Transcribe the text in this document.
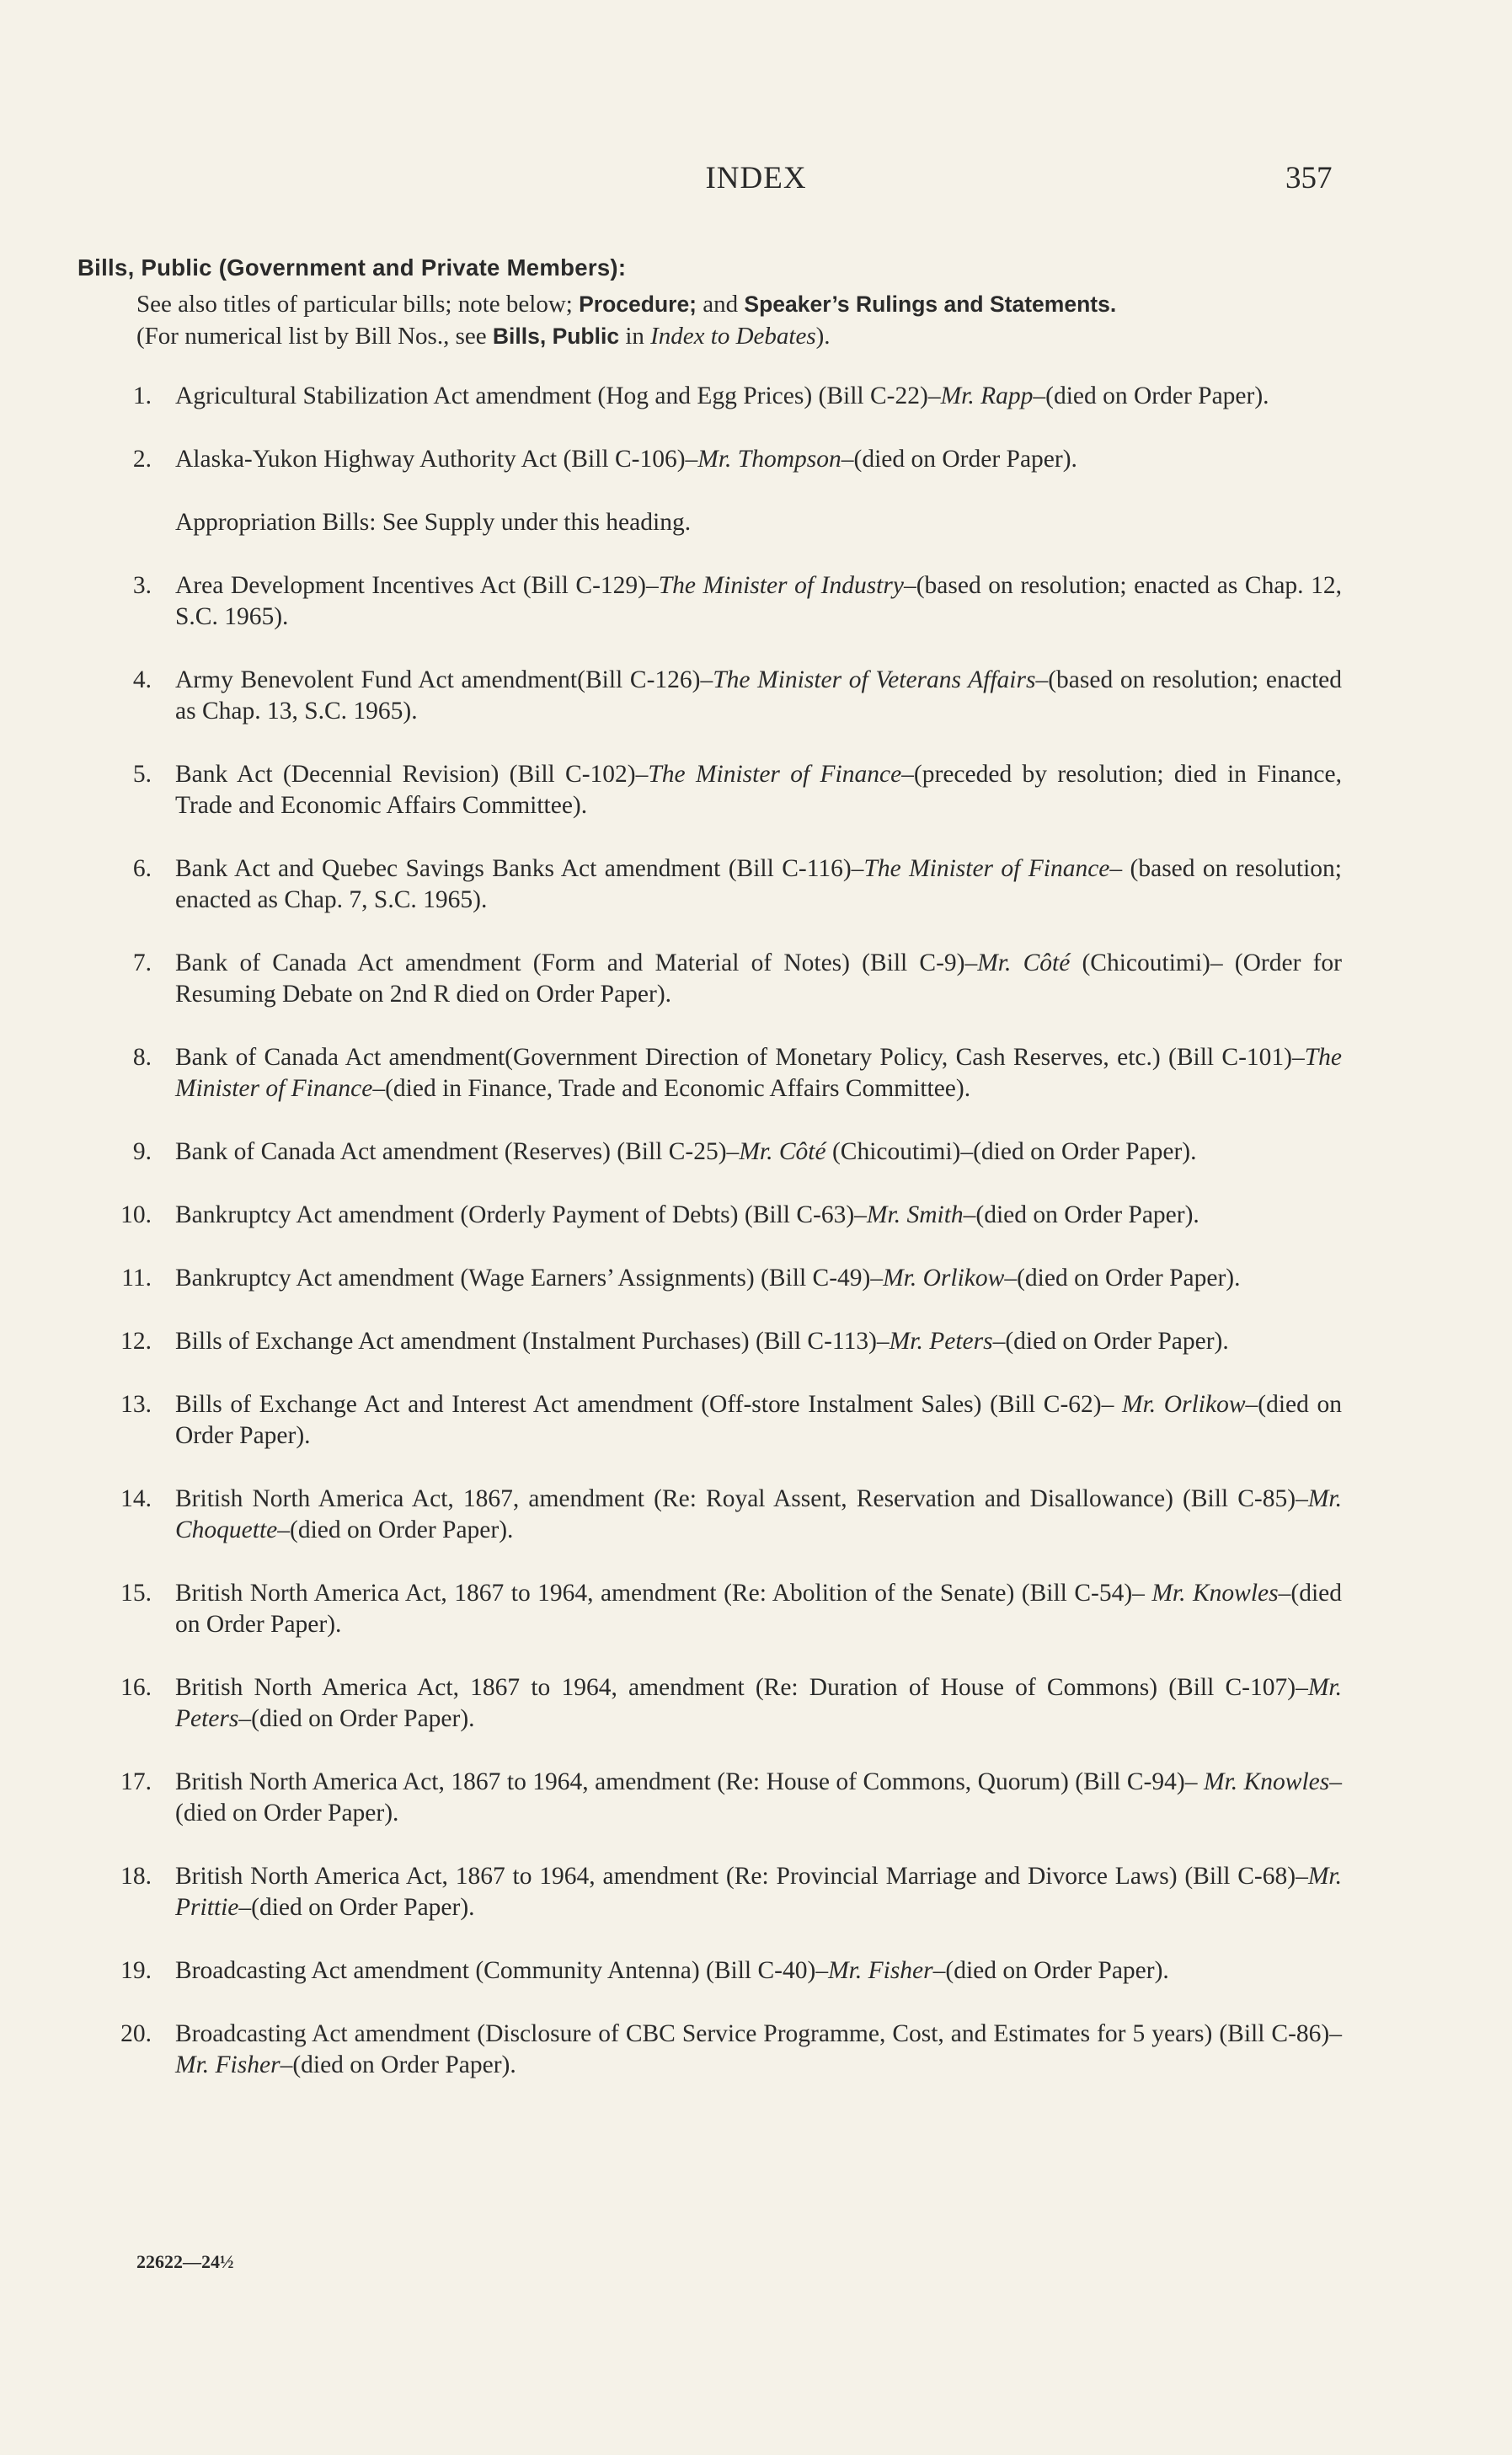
INDEX	357
Bills, Public (Government and Private Members):
See also titles of particular bills; note below; Procedure; and Speaker’s Rulings and Statements.
(For numerical list by Bill Nos., see Bills, Public in Index to Debates).
1. Agricultural Stabilization Act amendment (Hog and Egg Prices) (Bill C-22)–Mr. Rapp–(died on Order Paper).
2. Alaska-Yukon Highway Authority Act (Bill C-106)–Mr. Thompson–(died on Order Paper).
Appropriation Bills: See Supply under this heading.
3. Area Development Incentives Act (Bill C-129)–The Minister of Industry–(based on resolution; enacted as Chap. 12, S.C. 1965).
4. Army Benevolent Fund Act amendment(Bill C-126)–The Minister of Veterans Affairs–(based on resolution; enacted as Chap. 13, S.C. 1965).
5. Bank Act (Decennial Revision) (Bill C-102)–The Minister of Finance–(preceded by resolution; died in Finance, Trade and Economic Affairs Committee).
6. Bank Act and Quebec Savings Banks Act amendment (Bill C-116)–The Minister of Finance– (based on resolution; enacted as Chap. 7, S.C. 1965).
7. Bank of Canada Act amendment (Form and Material of Notes) (Bill C-9)–Mr. Côté (Chicoutimi)– (Order for Resuming Debate on 2nd R died on Order Paper).
8. Bank of Canada Act amendment(Government Direction of Monetary Policy, Cash Reserves, etc.) (Bill C-101)–The Minister of Finance–(died in Finance, Trade and Economic Affairs Committee).
9. Bank of Canada Act amendment (Reserves) (Bill C-25)–Mr. Côté (Chicoutimi)–(died on Order Paper).
10. Bankruptcy Act amendment (Orderly Payment of Debts) (Bill C-63)–Mr. Smith–(died on Order Paper).
11. Bankruptcy Act amendment (Wage Earners’ Assignments) (Bill C-49)–Mr. Orlikow–(died on Order Paper).
12. Bills of Exchange Act amendment (Instalment Purchases) (Bill C-113)–Mr. Peters–(died on Order Paper).
13. Bills of Exchange Act and Interest Act amendment (Off-store Instalment Sales) (Bill C-62)– Mr. Orlikow–(died on Order Paper).
14. British North America Act, 1867, amendment (Re: Royal Assent, Reservation and Disallowance) (Bill C-85)–Mr. Choquette–(died on Order Paper).
15. British North America Act, 1867 to 1964, amendment (Re: Abolition of the Senate) (Bill C-54)– Mr. Knowles–(died on Order Paper).
16. British North America Act, 1867 to 1964, amendment (Re: Duration of House of Commons) (Bill C-107)–Mr. Peters–(died on Order Paper).
17. British North America Act, 1867 to 1964, amendment (Re: House of Commons, Quorum) (Bill C-94)– Mr. Knowles–(died on Order Paper).
18. British North America Act, 1867 to 1964, amendment (Re: Provincial Marriage and Divorce Laws) (Bill C-68)–Mr. Prittie–(died on Order Paper).
19. Broadcasting Act amendment (Community Antenna) (Bill C-40)–Mr. Fisher–(died on Order Paper).
20. Broadcasting Act amendment (Disclosure of CBC Service Programme, Cost, and Estimates for 5 years) (Bill C-86)–Mr. Fisher–(died on Order Paper).
22622—24½
